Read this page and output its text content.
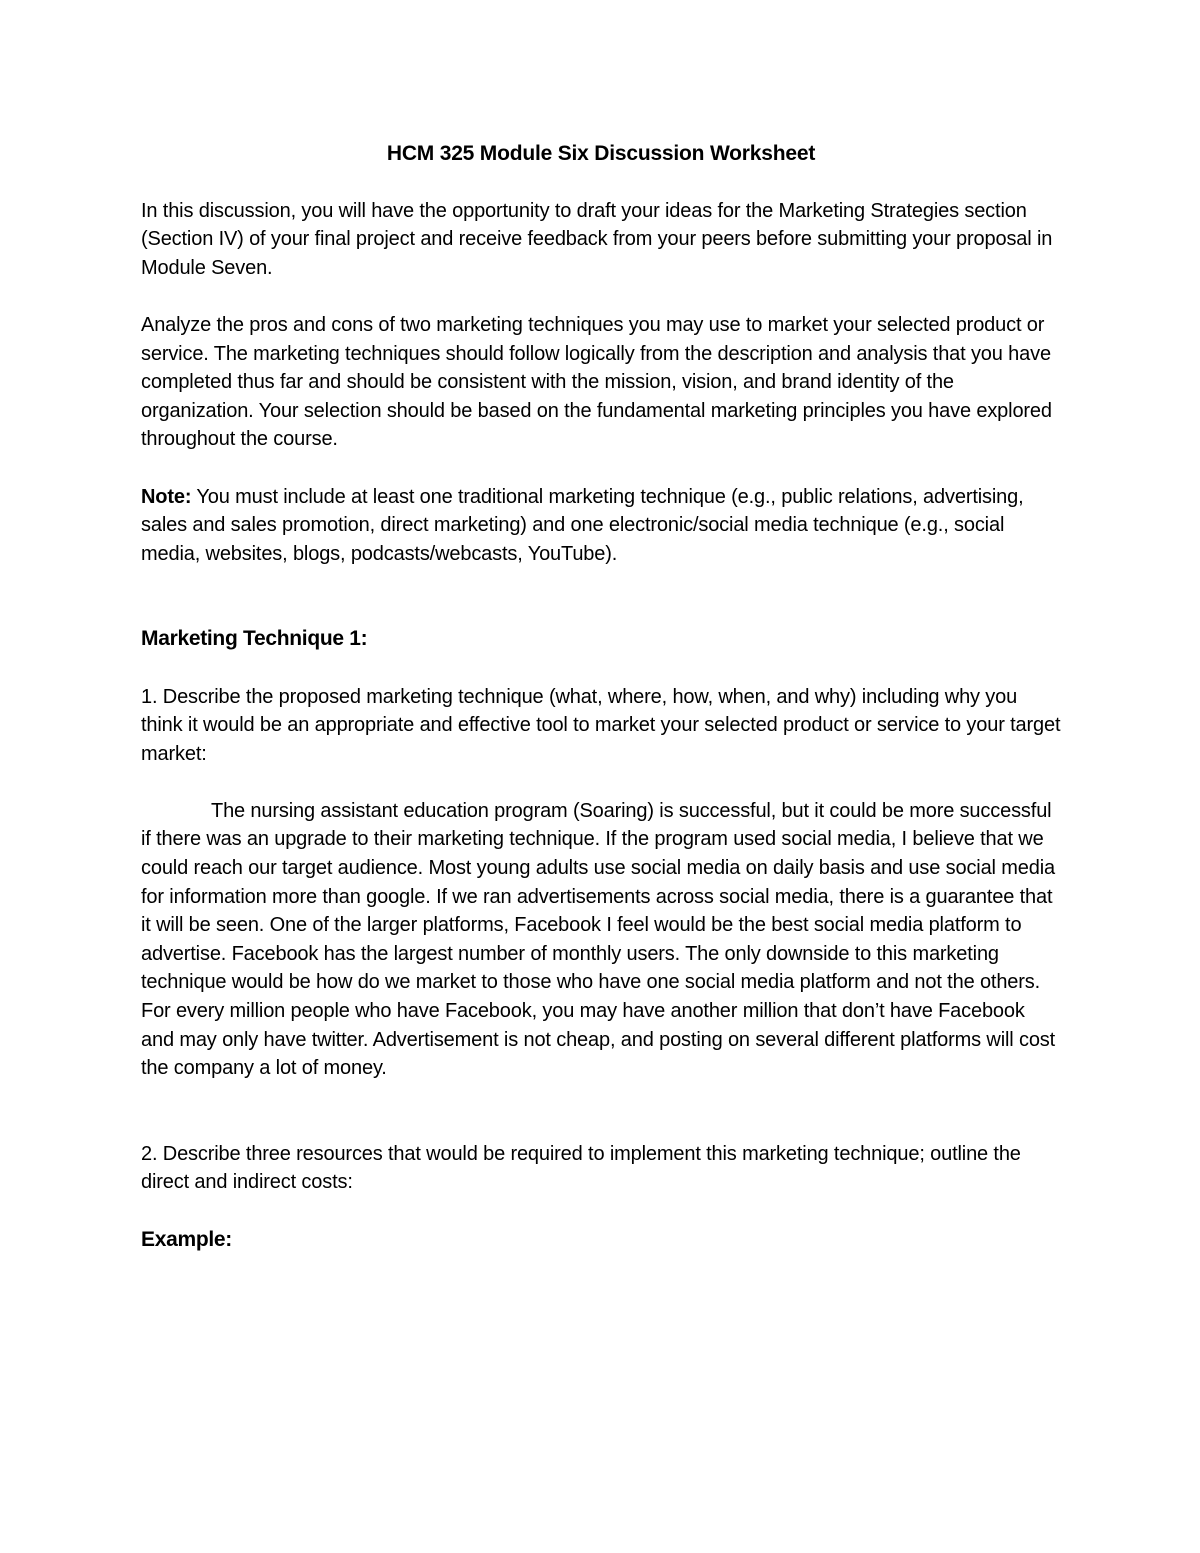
HCM 325 Module Six Discussion Worksheet

In this discussion, you will have the opportunity to draft your ideas for the Marketing Strategies section (Section IV) of your final project and receive feedback from your peers before submitting your proposal in Module Seven.

Analyze the pros and cons of two marketing techniques you may use to market your selected product or service. The marketing techniques should follow logically from the description and analysis that you have completed thus far and should be consistent with the mission, vision, and brand identity of the organization. Your selection should be based on the fundamental marketing principles you have explored throughout the course.

Note: You must include at least one traditional marketing technique (e.g., public relations, advertising, sales and sales promotion, direct marketing) and one electronic/social media technique (e.g., social media, websites, blogs, podcasts/webcasts, YouTube).

Marketing Technique 1:

1. Describe the proposed marketing technique (what, where, how, when, and why) including why you think it would be an appropriate and effective tool to market your selected product or service to your target market:

The nursing assistant education program (Soaring) is successful, but it could be more successful if there was an upgrade to their marketing technique. If the program used social media, I believe that we could reach our target audience. Most young adults use social media on daily basis and use social media for information more than google. If we ran advertisements across social media, there is a guarantee that it will be seen. One of the larger platforms, Facebook I feel would be the best social media platform to advertise. Facebook has the largest number of monthly users. The only downside to this marketing technique would be how do we market to those who have one social media platform and not the others. For every million people who have Facebook, you may have another million that don’t have Facebook and may only have twitter. Advertisement is not cheap, and posting on several different platforms will cost the company a lot of money.

2. Describe three resources that would be required to implement this marketing technique; outline the direct and indirect costs:

Example:
